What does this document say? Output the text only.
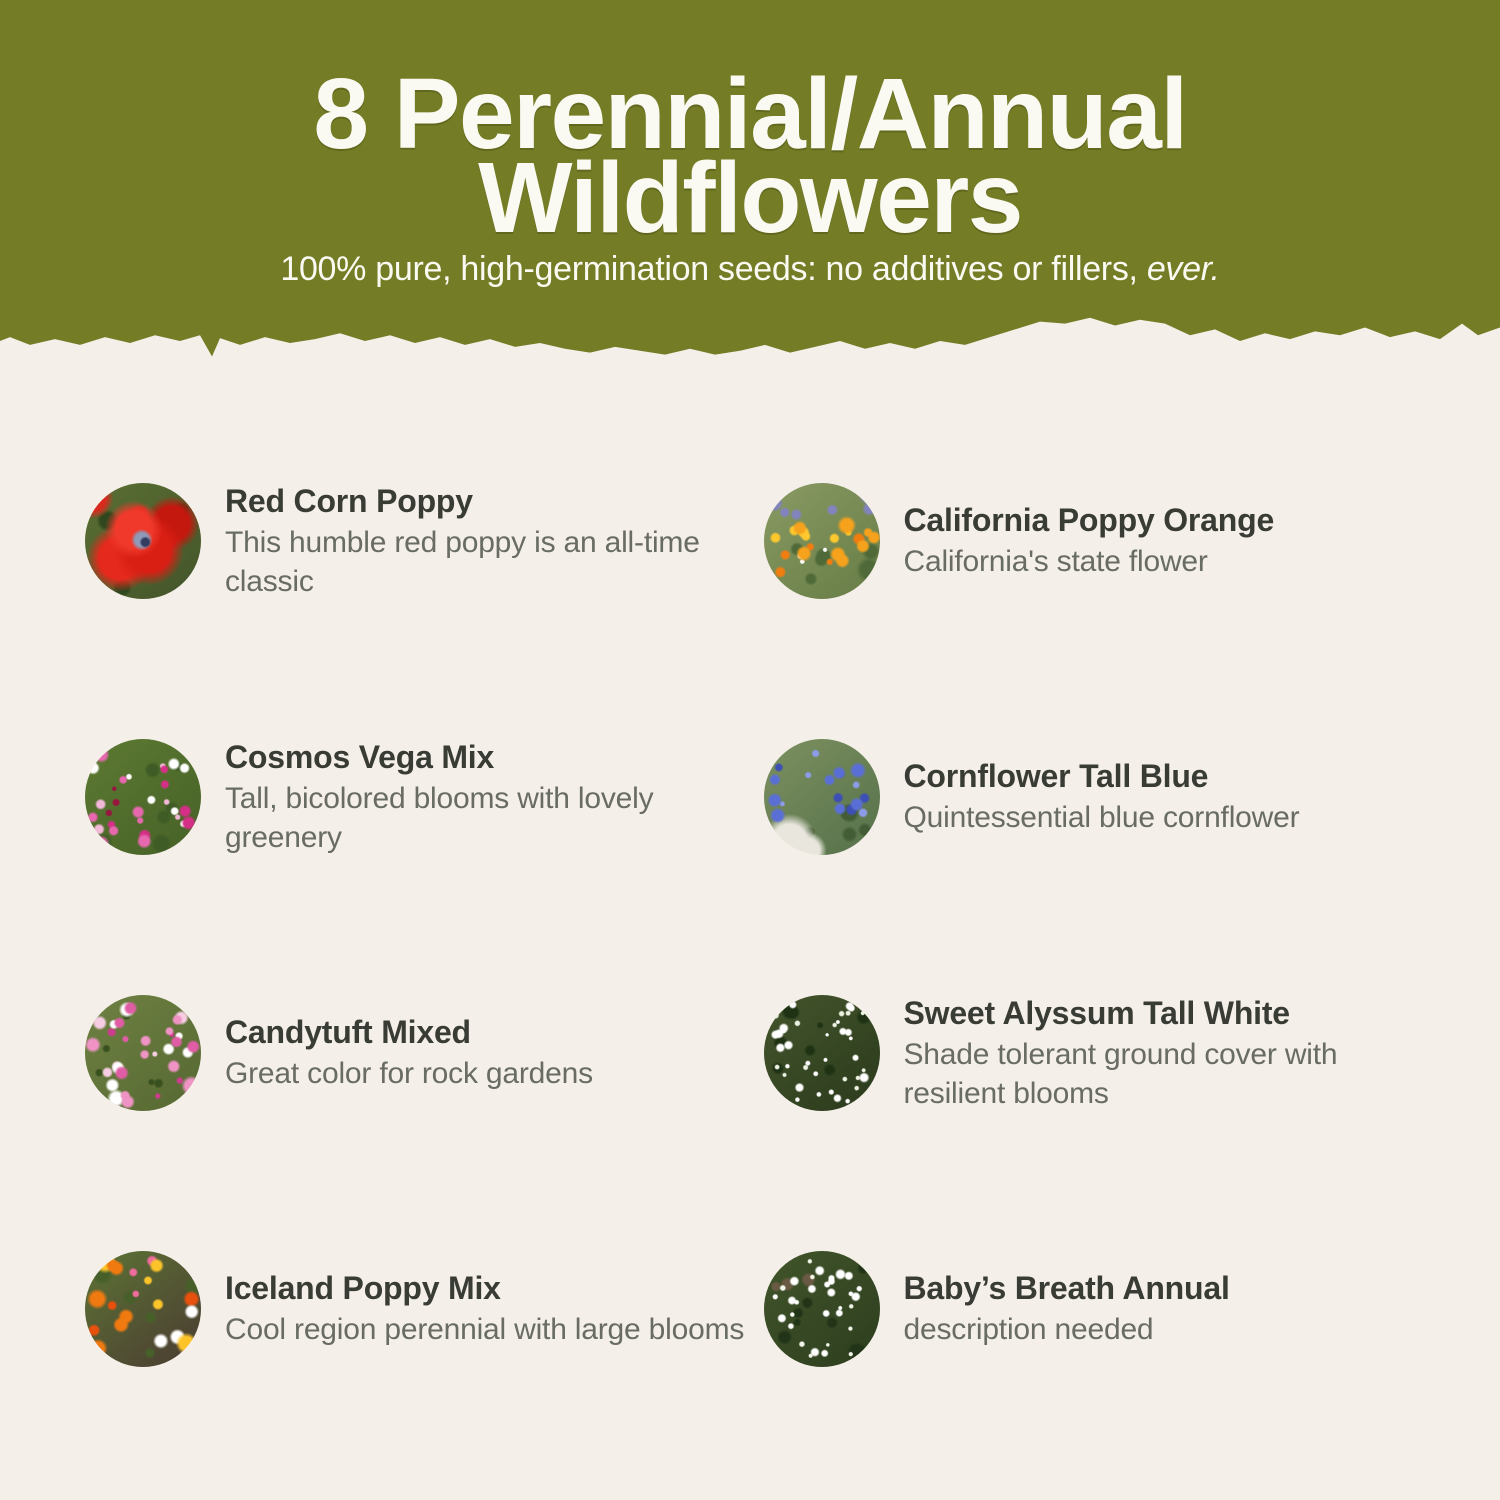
8 Perennial/Annual
Wildflowers

100% pure, high-germination seeds: no additives or fillers, ever.

Red Corn Poppy
This humble red poppy is an all-time classic
California Poppy Orange
California's state flower
Cosmos Vega Mix
Tall, bicolored blooms with lovely greenery
Cornflower Tall Blue
Quintessential blue cornflower
Candytuft Mixed
Great color for rock gardens
Sweet Alyssum Tall White
Shade tolerant ground cover with resilient blooms
Iceland Poppy Mix
Cool region perennial with large blooms
Baby’s Breath Annual
description needed
